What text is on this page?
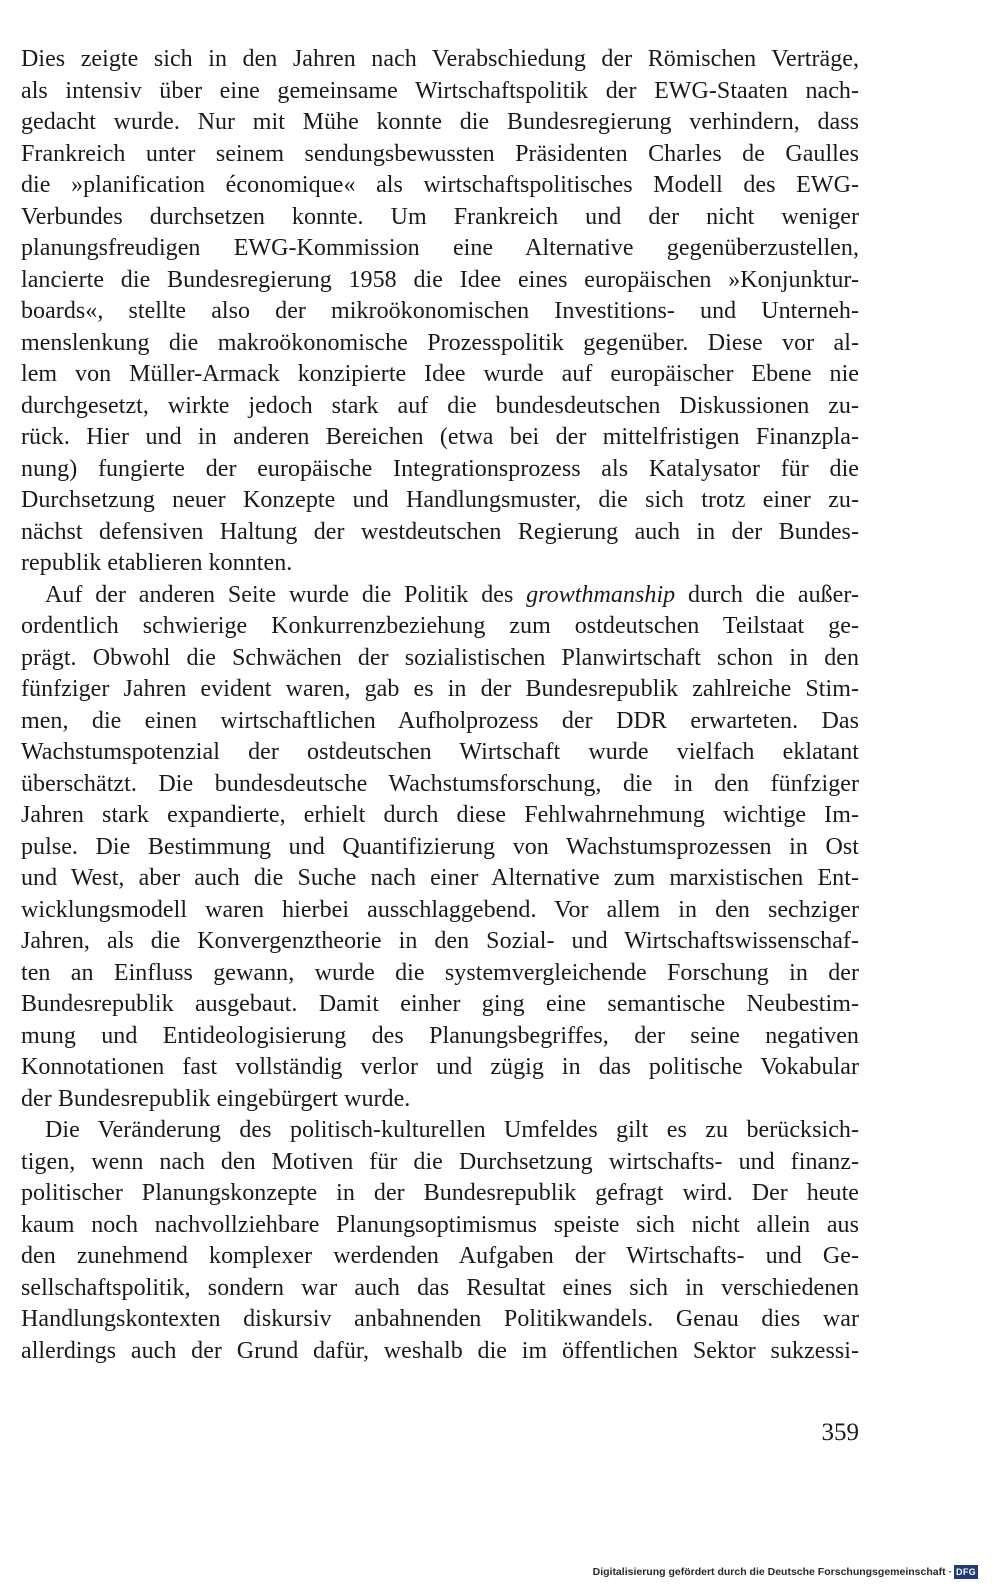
Dies zeigte sich in den Jahren nach Verabschiedung der Römischen Verträge,
als intensiv über eine gemeinsame Wirtschaftspolitik der EWG-Staaten nach-
gedacht wurde. Nur mit Mühe konnte die Bundesregierung verhindern, dass
Frankreich unter seinem sendungsbewussten Präsidenten Charles de Gaulles
die »planification économique« als wirtschaftspolitisches Modell des EWG-
Verbundes durchsetzen konnte. Um Frankreich und der nicht weniger
planungsfreudigen EWG-Kommission eine Alternative gegenüberzustellen,
lancierte die Bundesregierung 1958 die Idee eines europäischen »Konjunktur-
boards«, stellte also der mikroökonomischen Investitions- und Unterneh-
menslenkung die makroökonomische Prozesspolitik gegenüber. Diese vor al-
lem von Müller-Armack konzipierte Idee wurde auf europäischer Ebene nie
durchgesetzt, wirkte jedoch stark auf die bundesdeutschen Diskussionen zu-
rück. Hier und in anderen Bereichen (etwa bei der mittelfristigen Finanzpla-
nung) fungierte der europäische Integrationsprozess als Katalysator für die
Durchsetzung neuer Konzepte und Handlungsmuster, die sich trotz einer zu-
nächst defensiven Haltung der westdeutschen Regierung auch in der Bundes-
republik etablieren konnten.
Auf der anderen Seite wurde die Politik des growthmanship durch die außer-
ordentlich schwierige Konkurrenzbeziehung zum ostdeutschen Teilstaat ge-
prägt. Obwohl die Schwächen der sozialistischen Planwirtschaft schon in den
fünfziger Jahren evident waren, gab es in der Bundesrepublik zahlreiche Stim-
men, die einen wirtschaftlichen Aufholprozess der DDR erwarteten. Das
Wachstumspotenzial der ostdeutschen Wirtschaft wurde vielfach eklatant
überschätzt. Die bundesdeutsche Wachstumsforschung, die in den fünfziger
Jahren stark expandierte, erhielt durch diese Fehlwahrnehmung wichtige Im-
pulse. Die Bestimmung und Quantifizierung von Wachstumsprozessen in Ost
und West, aber auch die Suche nach einer Alternative zum marxistischen Ent-
wicklungsmodell waren hierbei ausschlaggebend. Vor allem in den sechziger
Jahren, als die Konvergenztheorie in den Sozial- und Wirtschaftswissenschaf-
ten an Einfluss gewann, wurde die systemvergleichende Forschung in der
Bundesrepublik ausgebaut. Damit einher ging eine semantische Neubestim-
mung und Entideologisierung des Planungsbegriffes, der seine negativen
Konnotationen fast vollständig verlor und zügig in das politische Vokabular
der Bundesrepublik eingebürgert wurde.
Die Veränderung des politisch-kulturellen Umfeldes gilt es zu berücksich-
tigen, wenn nach den Motiven für die Durchsetzung wirtschafts- und finanz-
politischer Planungskonzepte in der Bundesrepublik gefragt wird. Der heute
kaum noch nachvollziehbare Planungsoptimismus speiste sich nicht allein aus
den zunehmend komplexer werdenden Aufgaben der Wirtschafts- und Ge-
sellschaftspolitik, sondern war auch das Resultat eines sich in verschiedenen
Handlungskontexten diskursiv anbahnenden Politikwandels. Genau dies war
allerdings auch der Grund dafür, weshalb die im öffentlichen Sektor sukzessi-
359
Digitalisierung gefördert durch die Deutsche Forschungsgemeinschaft · DFG
